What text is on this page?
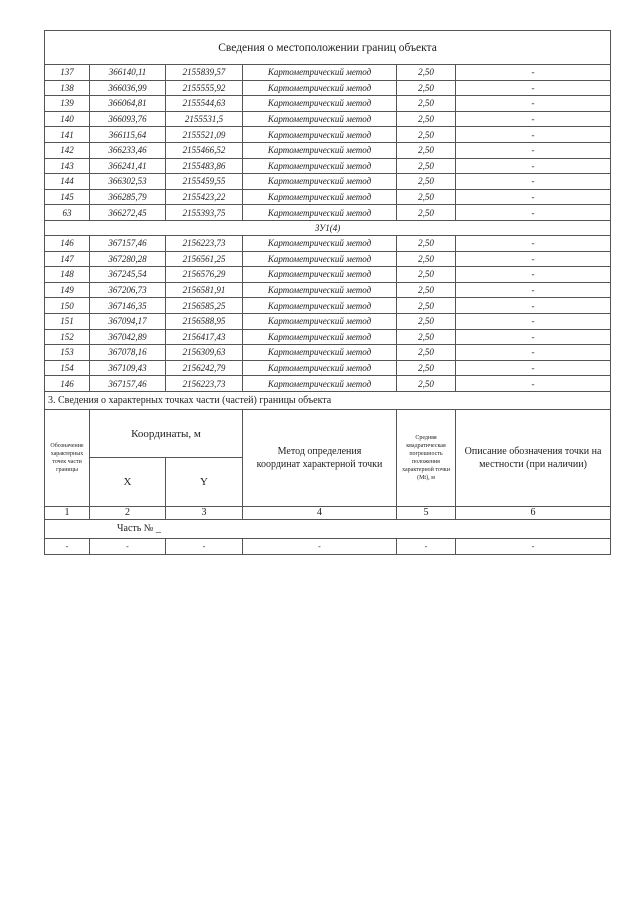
Сведения о местоположении границ объекта					
137	366140,11	2155839,57	Картометрический метод	2,50	-
138	366036,99	2155555,92	Картометрический метод	2,50	-
139	366064,81	2155544,63	Картометрический метод	2,50	-
140	366093,76	2155531,5	Картометрический метод	2,50	-
141	366115,64	2155521,09	Картометрический метод	2,50	-
142	366233,46	2155466,52	Картометрический метод	2,50	-
143	366241,41	2155483,86	Картометрический метод	2,50	-
144	366302,53	2155459,55	Картометрический метод	2,50	-
145	366285,79	2155423,22	Картометрический метод	2,50	-
63	366272,45	2155393,75	Картометрический метод	2,50	-
ЗУ1(4)					
146	367157,46	2156223,73	Картометрический метод	2,50	-
147	367280,28	2156561,25	Картометрический метод	2,50	-
148	367245,54	2156576,29	Картометрический метод	2,50	-
149	367206,73	2156581,91	Картометрический метод	2,50	-
150	367146,35	2156585,25	Картометрический метод	2,50	-
151	367094,17	2156588,95	Картометрический метод	2,50	-
152	367042,89	2156417,43	Картометрический метод	2,50	-
153	367078,16	2156309,63	Картометрический метод	2,50	-
154	367109,43	2156242,79	Картометрический метод	2,50	-
146	367157,46	2156223,73	Картометрический метод	2,50	-
3. Сведения о характерных точках части (частей) границы объекта					
Обозначение характерных точек части границы	Координаты, м		Метод определения координат характерной точки	Средняя квадратическая погрешность положения характерной точки (Mt), м	Описание обозначения точки на местности (при наличии)
	X	Y			
1	2	3	4	5	6
Часть № _					
-	-	-	-	-	-
